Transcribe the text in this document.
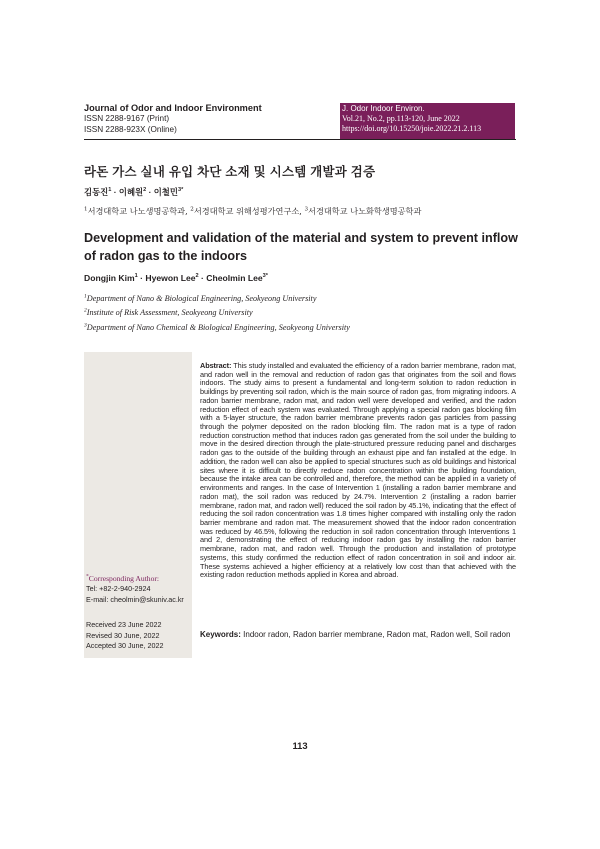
Journal of Odor and Indoor Environment
ISSN 2288-9167 (Print)
ISSN 2288-923X (Online)
J. Odor Indoor Environ.
Vol.21, No.2, pp.113-120, June 2022
https://doi.org/10.15250/joie.2022.21.2.113
라돈 가스 실내 유입 차단 소재 및 시스템 개발과 검증
김동진$^1$ · 이혜원$^2$ · 이철민$^{3*}$
$^1$서경대학교 나노생명공학과, $^2$서경대학교 위해성평가연구소, $^3$서경대학교 나노화학생명공학과
Development and validation of the material and system to prevent inflow of radon gas to the indoors
Dongjin Kim$^1$ · Hyewon Lee$^2$ · Cheolmin Lee$^{3*}$
$^1$Department of Nano & Biological Engineering, Seokyeong University
$^2$Institute of Risk Assessment, Seokyeong University
$^3$Department of Nano Chemical & Biological Engineering, Seokyeong University
*Corresponding Author:
Tel: +82-2-940-2924
E-mail: cheolmin@skuniv.ac.kr
Received 23 June 2022
Revised 30 June, 2022
Accepted 30 June, 2022
Abstract: This study installed and evaluated the efficiency of a radon barrier membrane, radon mat, and radon well in the removal and reduction of radon gas that originates from the soil and flows indoors. The study aims to present a fundamental and long-term solution to radon reduction in buildings by preventing soil radon, which is the main source of radon gas, from migrating indoors. A radon barrier membrane, radon mat, and radon well were developed and verified, and the radon reduction effect of each system was evaluated. Through applying a special radon gas blocking film with a 5-layer structure, the radon barrier membrane prevents radon gas particles from passing through the polymer deposited on the radon blocking film. The radon mat is a type of radon reduction construction method that induces radon gas generated from the soil under the building to move in the desired direction through the plate-structured pressure reducing panel and discharges radon gas to the outside of the building through an exhaust pipe and fan installed at the edge. In addition, the radon well can also be applied to special structures such as old buildings and historical sites where it is difficult to directly reduce radon concentration within the building foundation, because the intake area can be controlled and, therefore, the method can be applied in a variety of environments and ranges. In the case of Intervention 1 (installing a radon barrier membrane and radon mat), the soil radon was reduced by 24.7%. Intervention 2 (installing a radon barrier membrane, radon mat, and radon well) reduced the soil radon by 45.1%, indicating that the effect of reducing the soil radon concentration was 1.8 times higher compared with installing only the radon barrier membrane and radon mat. The measurement showed that the indoor radon concentration was reduced by 46.5%, following the reduction in soil radon concentration through Interventions 1 and 2, demonstrating the effect of reducing indoor radon gas by installing the radon barrier membrane, radon mat, and radon well. Through the production and installation of prototype systems, this study confirmed the reduction effect of radon concentration in soil and indoor air. These systems achieved a higher efficiency at a relatively low cost than that achieved with the existing radon reduction methods applied in Korea and abroad.
Keywords: Indoor radon, Radon barrier membrane, Radon mat, Radon well, Soil radon
113
